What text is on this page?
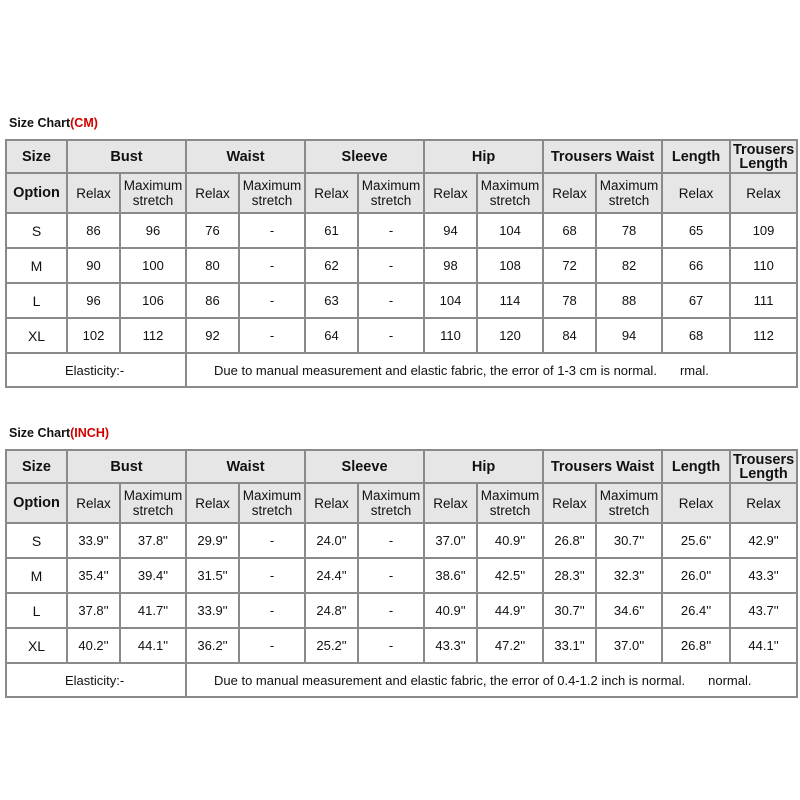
Size Chart(CM)
Size	Bust		Waist		Sleeve		Hip		Trousers Waist		Length	Trousers Length
Option	Relax	Maximum stretch	Relax	Maximum stretch	Relax	Maximum stretch	Relax	Maximum stretch	Relax	Maximum stretch	Relax	Relax
S	86	96	76	-	61	-	94	104	68	78	65	109
M	90	100	80	-	62	-	98	108	72	82	66	110
L	96	106	86	-	63	-	104	114	78	88	67	111
XL	102	112	92	-	64	-	110	120	84	94	68	112
Elasticity:-			Due to manual measurement and elastic fabric, the error of 1-3 cm is normal. rmal.									
Size Chart(INCH)
Size	Bust		Waist		Sleeve		Hip		Trousers Waist		Length	Trousers Length
Option	Relax	Maximum stretch	Relax	Maximum stretch	Relax	Maximum stretch	Relax	Maximum stretch	Relax	Maximum stretch	Relax	Relax
S	33.9''	37.8''	29.9''	-	24.0''	-	37.0''	40.9''	26.8''	30.7''	25.6''	42.9''
M	35.4''	39.4''	31.5''	-	24.4''	-	38.6''	42.5''	28.3''	32.3''	26.0''	43.3''
L	37.8''	41.7''	33.9''	-	24.8''	-	40.9''	44.9''	30.7''	34.6''	26.4''	43.7''
XL	40.2''	44.1''	36.2''	-	25.2''	-	43.3''	47.2''	33.1''	37.0''	26.8''	44.1''
Elasticity:-			Due to manual measurement and elastic fabric, the error of 0.4-1.2 inch is normal. normal.									
